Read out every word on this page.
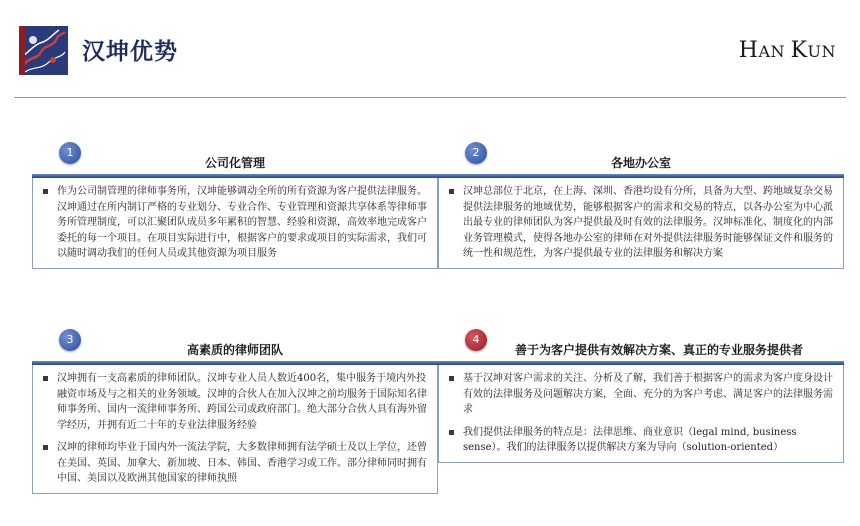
汉坤优势	HAN KUN
1
公司化管理
作为公司制管理的律师事务所，汉坤能够调动全所的所有资源为客户提供法律服务。汉坤通过在所内制订严格的专业划分、专业合作、专业管理和资源共享体系等律师事务所管理制度，可以汇聚团队成员多年累积的智慧、经验和资源，高效率地完成客户委托的每一个项目。在项目实际进行中，根据客户的要求或项目的实际需求，我们可以随时调动我们的任何人员或其他资源为项目服务
2
各地办公室
汉坤总部位于北京，在上海、深圳、香港均设有分所，具备为大型、跨地域复杂交易提供法律服务的地域优势，能够根据客户的需求和交易的特点，以各办公室为中心派出最专业的律师团队为客户提供最及时有效的法律服务。汉坤标准化、制度化的内部业务管理模式，使得各地办公室的律师在对外提供法律服务时能够保证文件和服务的统一性和规范性，为客户提供最专业的法律服务和解决方案
3
高素质的律师团队
汉坤拥有一支高素质的律师团队。汉坤专业人员人数近400名，集中服务于境内外投融资市场及与之相关的业务领域。汉坤的合伙人在加入汉坤之前均服务于国际知名律师事务所、国内一流律师事务所、跨国公司或政府部门。绝大部分合伙人具有海外留学经历，并拥有近二十年的专业法律服务经验
汉坤的律师均毕业于国内外一流法学院，大多数律师拥有法学硕士及以上学位，还曾在美国、英国、加拿大、新加坡、日本、韩国、香港学习或工作。部分律师同时拥有中国、美国以及欧洲其他国家的律师执照
4
善于为客户提供有效解决方案、真正的专业服务提供者
基于汉坤对客户需求的关注、分析及了解，我们善于根据客户的需求为客户度身设计有效的法律服务及问题解决方案，全面、充分的为客户考虑、满足客户的法律服务需求
我们提供法律服务的特点是：法律思维、商业意识（legal mind, business sense）。我们的法律服务以提供解决方案为导向（solution-oriented）
